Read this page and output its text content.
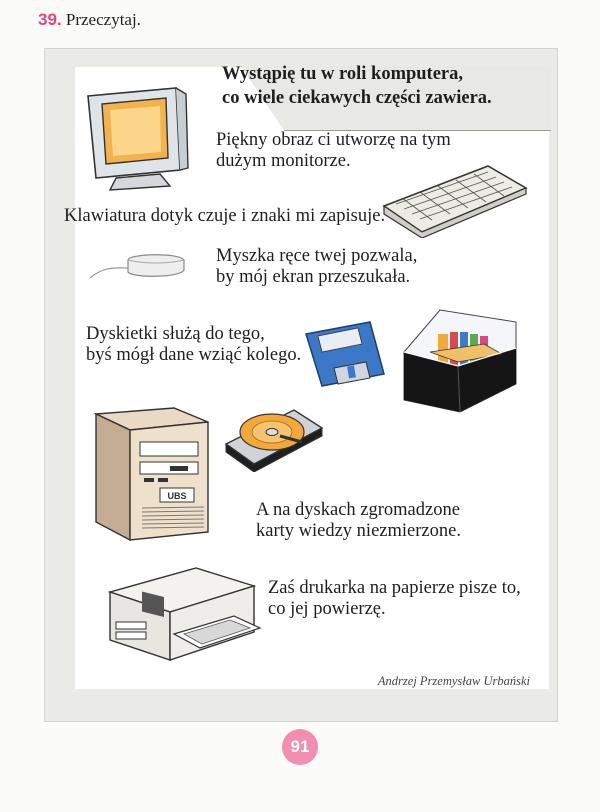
39. Przeczytaj.
Wystąpię tu w roli komputera,
co wiele ciekawych części zawiera.
Piękny obraz ci utworzę na tym
dużym monitorze.
Klawiatura dotyk czuje i znaki mi zapisuje.
Myszka ręce twej pozwala,
by mój ekran przeszukała.
Dyskietki służą do tego,
byś mógł dane wziąć kolego.
UBS
A na dyskach zgromadzone
karty wiedzy niezmierzone.
Zaś drukarka na papierze pisze to,
co jej powierzę.
Andrzej Przemysław Urbański
91
